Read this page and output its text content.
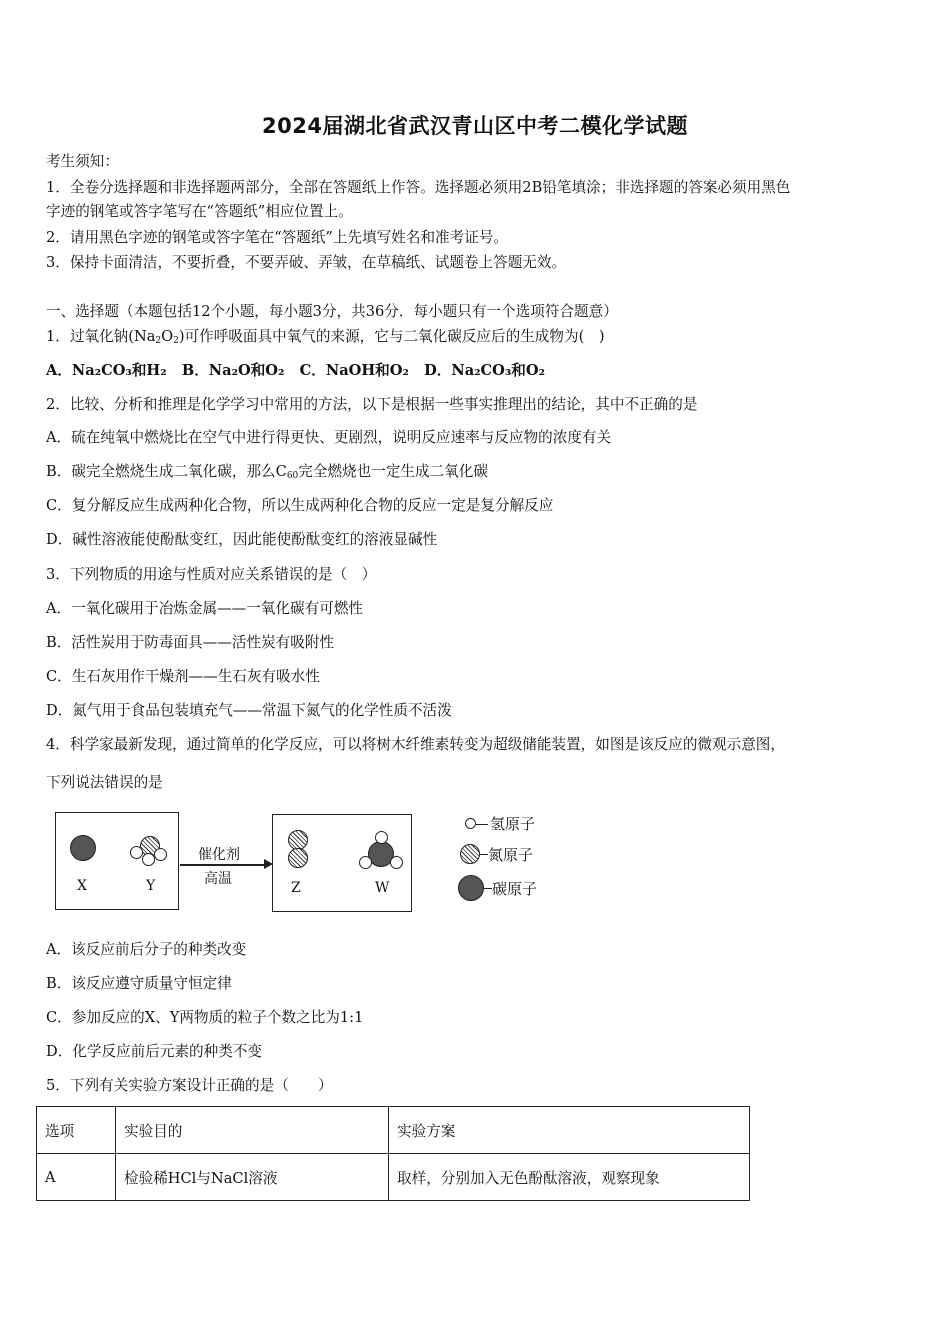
2024届湖北省武汉青山区中考二模化学试题
考生须知：
1．全卷分选择题和非选择题两部分，全部在答题纸上作答。选择题必须用2B铅笔填涂；非选择题的答案必须用黑色
字迹的钢笔或答字笔写在“答题纸”相应位置上。
2．请用黑色字迹的钢笔或答字笔在“答题纸”上先填写姓名和准考证号。
3．保持卡面清洁，不要折叠，不要弄破、弄皱，在草稿纸、试题卷上答题无效。
一、选择题（本题包括12个小题，每小题3分，共36分．每小题只有一个选项符合题意）
1．过氧化钠$(Na_2O_2)$可作呼吸面具中氧气的来源，它与二氧化碳反应后的生成物为(　)
A．Na₂CO₃和H₂ B．Na₂O和O₂ C．NaOH和O₂ D．Na₂CO₃和O₂
2．比较、分析和推理是化学学习中常用的方法，以下是根据一些事实推理出的结论，其中不正确的是
A．硫在纯氧中燃烧比在空气中进行得更快、更剧烈，说明反应速率与反应物的浓度有关
B．碳完全燃烧生成二氧化碳，那么$C_{60}$完全燃烧也一定生成二氧化碳
C．复分解反应生成两种化合物，所以生成两种化合物的反应一定是复分解反应
D．碱性溶液能使酚酞变红，因此能使酚酞变红的溶液显碱性
3．下列物质的用途与性质对应关系错误的是（　）
A．一氧化碳用于冶炼金属——一氧化碳有可燃性
B．活性炭用于防毒面具——活性炭有吸附性
C．生石灰用作干燥剂——生石灰有吸水性
D．氮气用于食品包装填充气——常温下氮气的化学性质不活泼
4．科学家最新发现，通过简单的化学反应，可以将树木纤维素转变为超级储能装置，如图是该反应的微观示意图，
下列说法错误的是
X	Y
催化剂
高温
Z	W
氢原子
氮原子
碳原子
A．该反应前后分子的种类改变
B．该反应遵守质量守恒定律
C．参加反应的X、Y两物质的粒子个数之比为1:1
D．化学反应前后元素的种类不变
5．下列有关实验方案设计正确的是（　　）
选项	实验目的	实验方案
A	检验稀HCl与NaCl溶液	取样，分别加入无色酚酞溶液，观察现象
